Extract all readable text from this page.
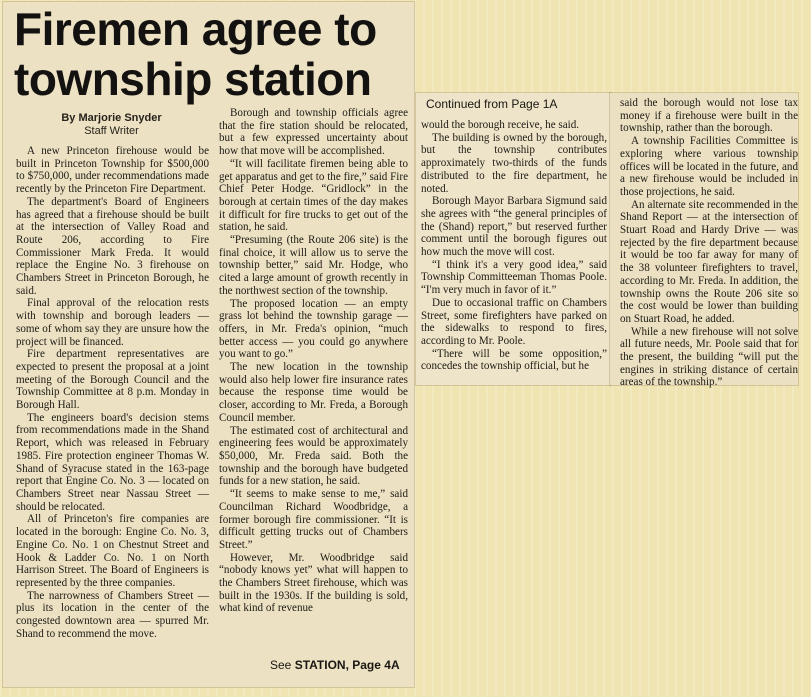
Firemen agree to township station
By Marjorie Snyder
Staff Writer

A new Princeton firehouse would be built in Princeton Township for $500,000 to $750,000, under recommendations made recently by the Princeton Fire Department.

The department's Board of Engineers has agreed that a firehouse should be built at the intersection of Valley Road and Route 206, according to Fire Commissioner Mark Freda. It would replace the Engine No. 3 firehouse on Chambers Street in Princeton Borough, he said.

Final approval of the relocation rests with township and borough leaders — some of whom say they are unsure how the project will be financed.

Fire department representatives are expected to present the proposal at a joint meeting of the Borough Council and the Township Committee at 8 p.m. Monday in Borough Hall.

The engineers board's decision stems from recommendations made in the Shand Report, which was released in February 1985. Fire protection engineer Thomas W. Shand of Syracuse stated in the 163-page report that Engine Co. No. 3 — located on Chambers Street near Nassau Street — should be relocated.

All of Princeton's fire companies are located in the borough: Engine Co. No. 3, Engine Co. No. 1 on Chestnut Street and Hook & Ladder Co. No. 1 on North Harrison Street. The Board of Engineers is represented by the three companies.

The narrowness of Chambers Street — plus its location in the center of the congested downtown area — spurred Mr. Shand to recommend the move.

Borough and township officials agree that the fire station should be relocated, but a few expressed uncertainty about how that move will be accomplished.

“It will facilitate firemen being able to get apparatus and get to the fire,” said Fire Chief Peter Hodge. “Gridlock” in the borough at certain times of the day makes it difficult for fire trucks to get out of the station, he said.

“Presuming (the Route 206 site) is the final choice, it will allow us to serve the township better,” said Mr. Hodge, who cited a large amount of growth recently in the northwest section of the township.

The proposed location — an empty grass lot behind the township garage — offers, in Mr. Freda's opinion, “much better access — you could go anywhere you want to go.”

The new location in the township would also help lower fire insurance rates because the response time would be closer, according to Mr. Freda, a Borough Council member.

The estimated cost of architectural and engineering fees would be approximately $50,000, Mr. Freda said. Both the township and the borough have budgeted funds for a new station, he said.

“It seems to make sense to me,” said Councilman Richard Woodbridge, a former borough fire commissioner. “It is difficult getting trucks out of Chambers Street.”

However, Mr. Woodbridge said “nobody knows yet” what will happen to the Chambers Street firehouse, which was built in the 1930s. If the building is sold, what kind of revenue

See STATION, Page 4A
Continued from Page 1A

would the borough receive, he said.

The building is owned by the borough, but the township contributes approximately two-thirds of the funds distributed to the fire department, he noted.

Borough Mayor Barbara Sigmund said she agrees with “the general principles of the (Shand) report,” but reserved further comment until the borough figures out how much the move will cost.

“I think it's a very good idea,” said Township Committeeman Thomas Poole. “I'm very much in favor of it.”

Due to occasional traffic on Chambers Street, some firefighters have parked on the sidewalks to respond to fires, according to Mr. Poole.

“There will be some opposition,” concedes the township official, but he

said the borough would not lose tax money if a firehouse were built in the township, rather than the borough.

A township Facilities Committee is exploring where various township offices will be located in the future, and a new firehouse would be included in those projections, he said.

An alternate site recommended in the Shand Report — at the intersection of Stuart Road and Hardy Drive — was rejected by the fire department because it would be too far away for many of the 38 volunteer firefighters to travel, according to Mr. Freda. In addition, the township owns the Route 206 site so the cost would be lower than building on Stuart Road, he added.

While a new firehouse will not solve all future needs, Mr. Poole said that for the present, the building “will put the engines in striking distance of certain areas of the township.”
